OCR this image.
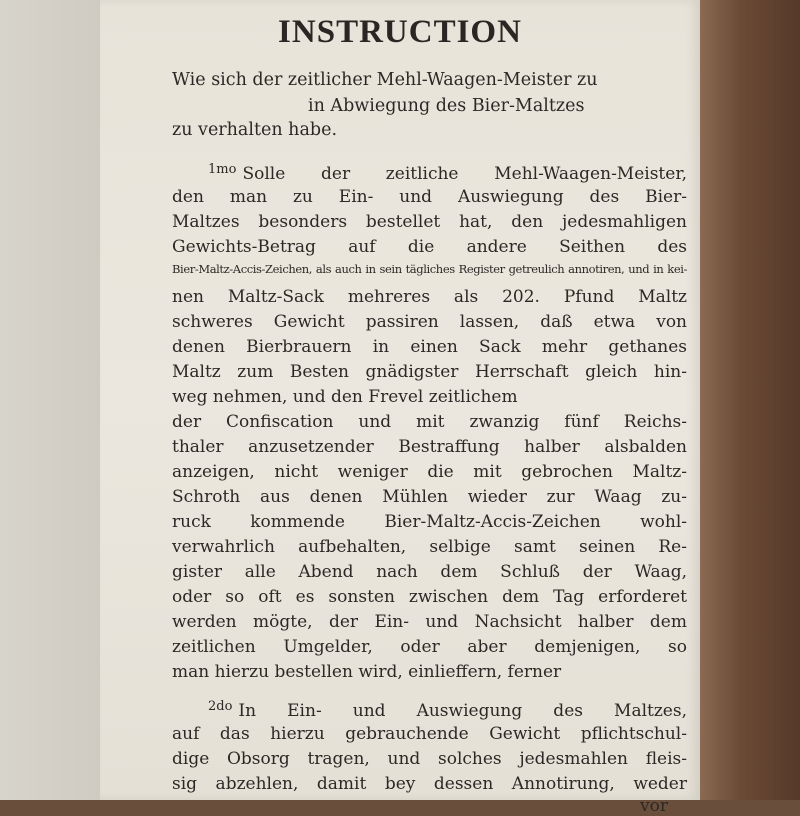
INSTRUCTION
Wie sich der zeitlicher Mehl-Waagen-Meister zu
in Abwiegung des Bier-Maltzes
zu verhalten habe.
$^{1mo}$ Solle der zeitliche Mehl-Waagen-Meister,
den man zu Ein- und Auswiegung des Bier-
Maltzes besonders bestellet hat, den jedesmahligen
Gewichts-Betrag auf die andere Seithen des
Bier-Maltz-Accis-Zeichen, als auch in sein tägliches Register getreulich annotiren, und in kei-
nen Maltz-Sack mehreres als 202. Pfund Maltz
schweres Gewicht passiren lassen, daß etwa von
denen Bierbrauern in einen Sack mehr gethanes
Maltz zum Besten gnädigster Herrschaft gleich hin-
weg nehmen, und den Frevel zeitlichem
der Confiscation und mit zwanzig fünf Reichs-
thaler anzusetzender Bestraffung halber alsbalden
anzeigen, nicht weniger die mit gebrochen Maltz-
Schroth aus denen Mühlen wieder zur Waag zu-
ruck kommende Bier-Maltz-Accis-Zeichen wohl-
verwahrlich aufbehalten, selbige samt seinen Re-
gister alle Abend nach dem Schluß der Waag,
oder so oft es sonsten zwischen dem Tag erforderet
werden mögte, der Ein- und Nachsicht halber dem
zeitlichen Umgelder, oder aber demjenigen, so
man hierzu bestellen wird, einlieffern, ferner
$^{2do}$ In Ein- und Auswiegung des Maltzes,
auf das hierzu gebrauchende Gewicht pflichtschul-
dige Obsorg tragen, und solches jedesmahlen fleis-
sig abzehlen, damit bey dessen Annotirung, weder
vor
